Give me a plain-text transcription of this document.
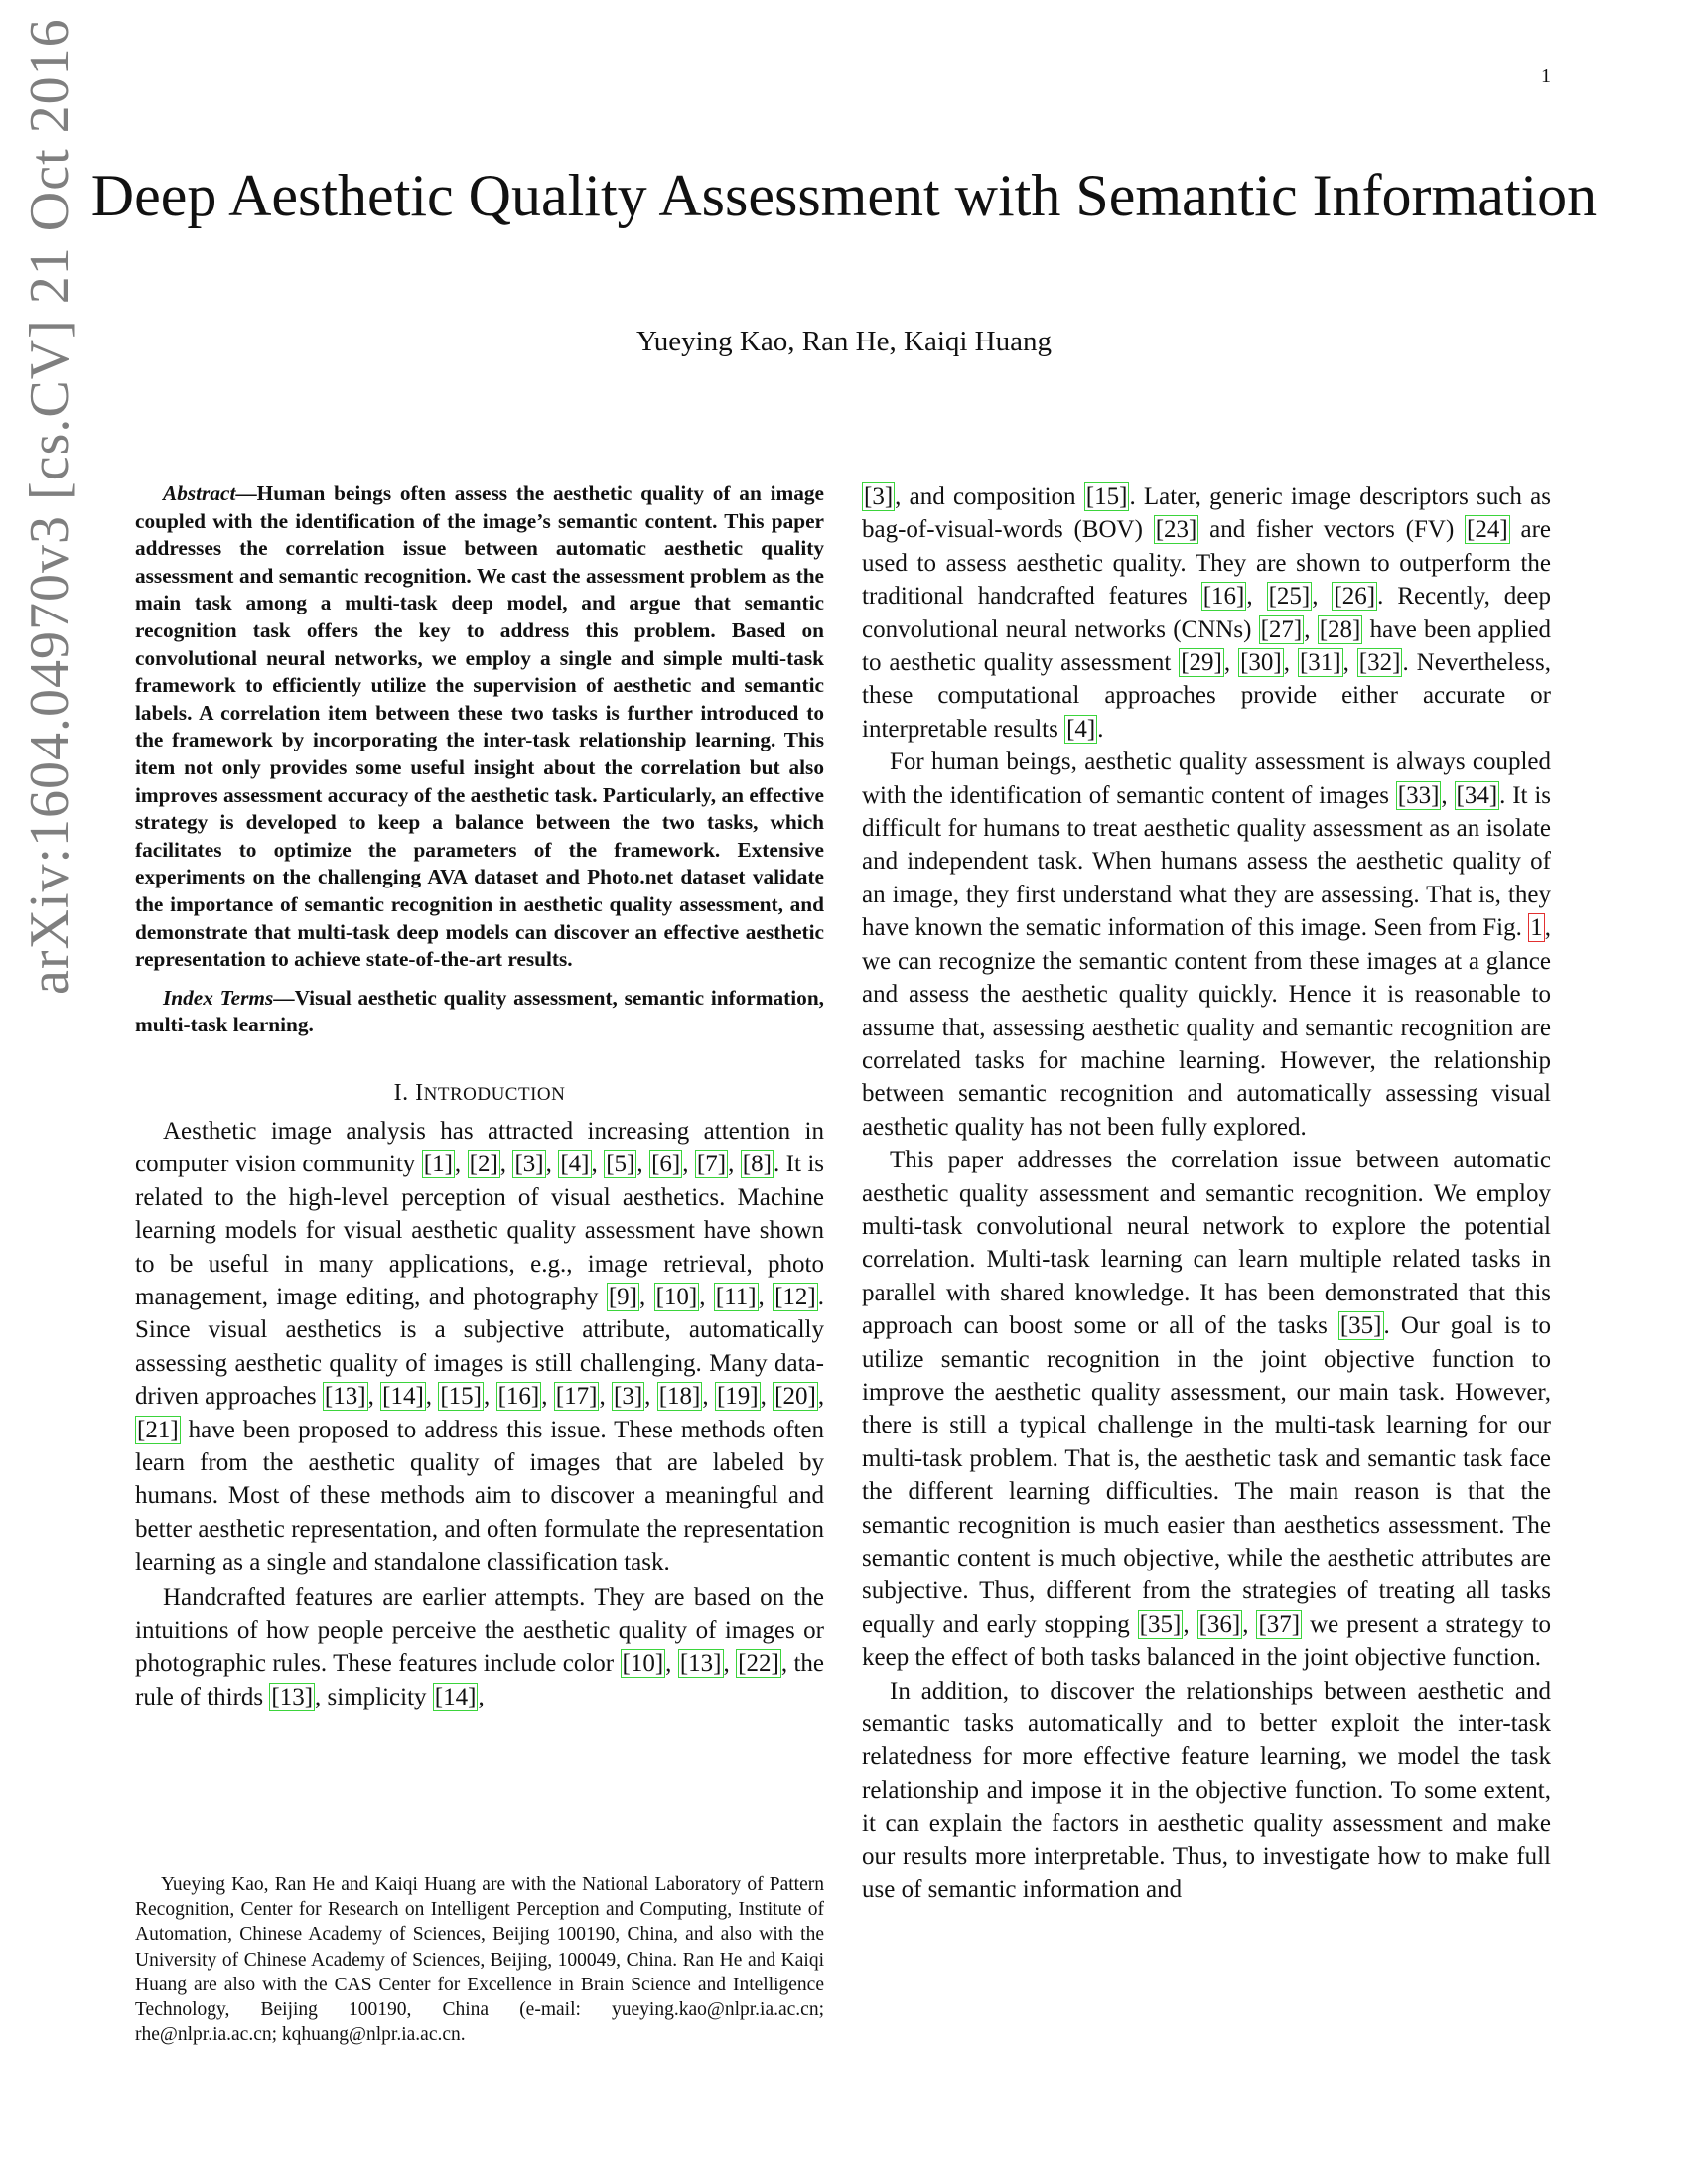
1
Deep Aesthetic Quality Assessment with Semantic Information
Yueying Kao, Ran He, Kaiqi Huang
arXiv:1604.04970v3 [cs.CV] 21 Oct 2016	Abstract—Human beings often assess the aesthetic quality of an image coupled with the identification of the image’s semantic content. This paper addresses the correlation issue between automatic aesthetic quality assessment and semantic recognition. We cast the assessment problem as the main task among a multi-task deep model, and argue that semantic recognition task offers the key to address this problem. Based on convolutional neural networks, we employ a single and simple multi-task framework to efficiently utilize the supervision of aesthetic and semantic labels. A correlation item between these two tasks is further introduced to the framework by incorporating the inter-task relationship learning. This item not only provides some useful insight about the correlation but also improves assessment accuracy of the aesthetic task. Particularly, an effective strategy is developed to keep a balance between the two tasks, which facilitates to optimize the parameters of the framework. Extensive experiments on the challenging AVA dataset and Photo.net dataset validate the importance of semantic recognition in aesthetic quality assessment, and demonstrate that multi-task deep models can discover an effective aesthetic representation to achieve state-of-the-art results.

Index Terms—Visual aesthetic quality assessment, semantic information, multi-task learning.

I. INTRODUCTION

Aesthetic image analysis has attracted increasing attention in computer vision community [1], [2], [3], [4], [5], [6], [7], [8]. It is related to the high-level perception of visual aesthetics. Machine learning models for visual aesthetic quality assessment have shown to be useful in many applications, e.g., image retrieval, photo management, image editing, and photography [9], [10], [11], [12]. Since visual aesthetics is a subjective attribute, automatically assessing aesthetic quality of images is still challenging. Many data-driven approaches [13], [14], [15], [16], [17], [3], [18], [19], [20], [21] have been proposed to address this issue. These methods often learn from the aesthetic quality of images that are labeled by humans. Most of these methods aim to discover a meaningful and better aesthetic representation, and often formulate the representation learning as a single and standalone classification task.

Handcrafted features are earlier attempts. They are based on the intuitions of how people perceive the aesthetic quality of images or photographic rules. These features include color [10], [13], [22], the rule of thirds [13], simplicity [14],

Yueying Kao, Ran He and Kaiqi Huang are with the National Laboratory of Pattern Recognition, Center for Research on Intelligent Perception and Computing, Institute of Automation, Chinese Academy of Sciences, Beijing 100190, China, and also with the University of Chinese Academy of Sciences, Beijing, 100049, China. Ran He and Kaiqi Huang are also with the CAS Center for Excellence in Brain Science and Intelligence Technology, Beijing 100190, China (e-mail: yueying.kao@nlpr.ia.ac.cn; rhe@nlpr.ia.ac.cn; kqhuang@nlpr.ia.ac.cn.

[3], and composition [15]. Later, generic image descriptors such as bag-of-visual-words (BOV) [23] and fisher vectors (FV) [24] are used to assess aesthetic quality. They are shown to outperform the traditional handcrafted features [16], [25], [26]. Recently, deep convolutional neural networks (CNNs) [27], [28] have been applied to aesthetic quality assessment [29], [30], [31], [32]. Nevertheless, these computational approaches provide either accurate or interpretable results [4].

For human beings, aesthetic quality assessment is always coupled with the identification of semantic content of images [33], [34]. It is difficult for humans to treat aesthetic quality assessment as an isolate and independent task. When humans assess the aesthetic quality of an image, they first understand what they are assessing. That is, they have known the sematic information of this image. Seen from Fig. 1, we can recognize the semantic content from these images at a glance and assess the aesthetic quality quickly. Hence it is reasonable to assume that, assessing aesthetic quality and semantic recognition are correlated tasks for machine learning. However, the relationship between semantic recognition and automatically assessing visual aesthetic quality has not been fully explored.

This paper addresses the correlation issue between automatic aesthetic quality assessment and semantic recognition. We employ multi-task convolutional neural network to explore the potential correlation. Multi-task learning can learn multiple related tasks in parallel with shared knowledge. It has been demonstrated that this approach can boost some or all of the tasks [35]. Our goal is to utilize semantic recognition in the joint objective function to improve the aesthetic quality assessment, our main task. However, there is still a typical challenge in the multi-task learning for our multi-task problem. That is, the aesthetic task and semantic task face the different learning difficulties. The main reason is that the semantic recognition is much easier than aesthetics assessment. The semantic content is much objective, while the aesthetic attributes are subjective. Thus, different from the strategies of treating all tasks equally and early stopping [35], [36], [37] we present a strategy to keep the effect of both tasks balanced in the joint objective function.

In addition, to discover the relationships between aesthetic and semantic tasks automatically and to better exploit the inter-task relatedness for more effective feature learning, we model the task relationship and impose it in the objective function. To some extent, it can explain the factors in aesthetic quality assessment and make our results more interpretable. Thus, to investigate how to make full use of semantic information and
